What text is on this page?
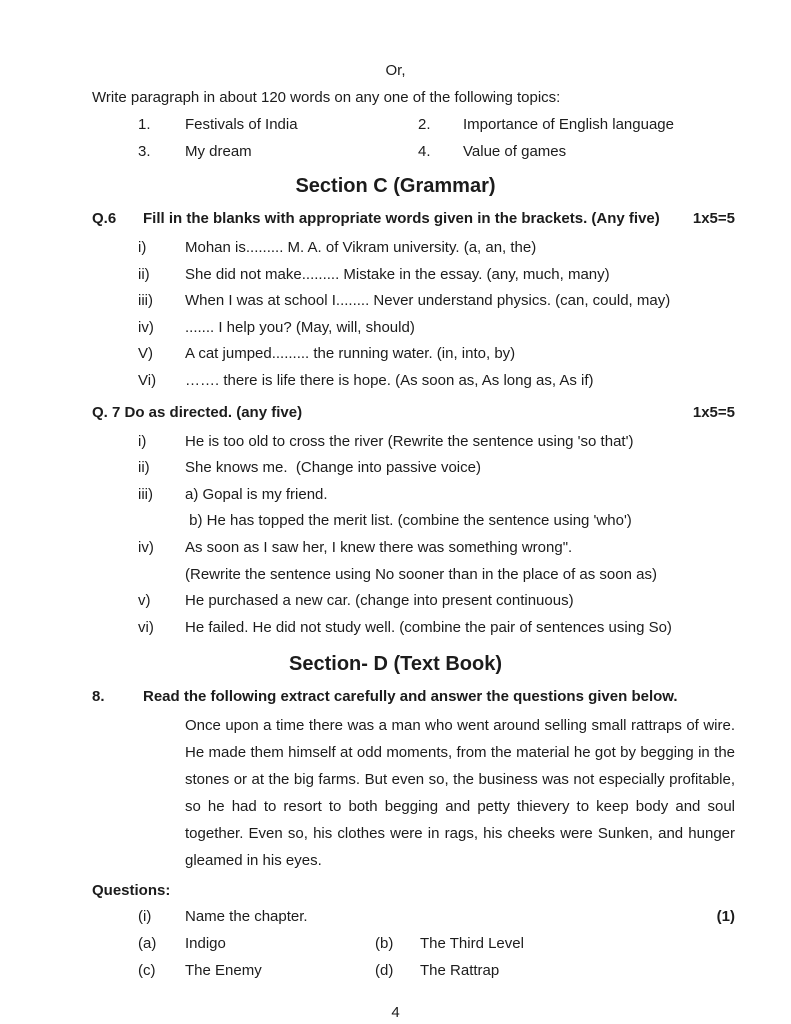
Or,
Write paragraph in about 120 words on any one of the following topics:
1.	Festivals of India	2.	Importance of English language
3.	My dream	4.	Value of games
Section C (Grammar)
Q.6	Fill in the blanks with appropriate words given in the brackets. (Any five)	1x5=5
i)	Mohan is......... M. A. of Vikram university. (a, an, the)
ii)	She did not make......... Mistake in the essay. (any, much, many)
iii)	When I was at school I........ Never understand physics. (can, could, may)
iv)	....... I help you? (May, will, should)
V)	A cat jumped......... the running water. (in, into, by)
Vi)	……. there is life there is hope. (As soon as, As long as, As if)
Q. 7 Do as directed. (any five)	1x5=5
i)	He is too old to cross the river (Rewrite the sentence using 'so that')
ii)	She knows me.  (Change into passive voice)
iii)	a) Gopal is my friend.
b) He has topped the merit list. (combine the sentence using 'who')
iv)	As soon as I saw her, I knew there was something wrong".
(Rewrite the sentence using No sooner than in the place of as soon as)
v)	He purchased a new car. (change into present continuous)
vi)	He failed. He did not study well. (combine the pair of sentences using So)
Section- D (Text Book)
8.	Read the following extract carefully and answer the questions given below.
Once upon a time there was a man who went around selling small rattraps of wire. He made them himself at odd moments, from the material he got by begging in the stones or at the big farms. But even so, the business was not especially profitable, so he had to resort to both begging and petty thievery to keep body and soul together. Even so, his clothes were in rags, his cheeks were Sunken, and hunger gleamed in his eyes.
Questions:
(i)	Name the chapter.	(1)
(a)	Indigo	(b)	The Third Level
(c)	The Enemy	(d)	The Rattrap
4
